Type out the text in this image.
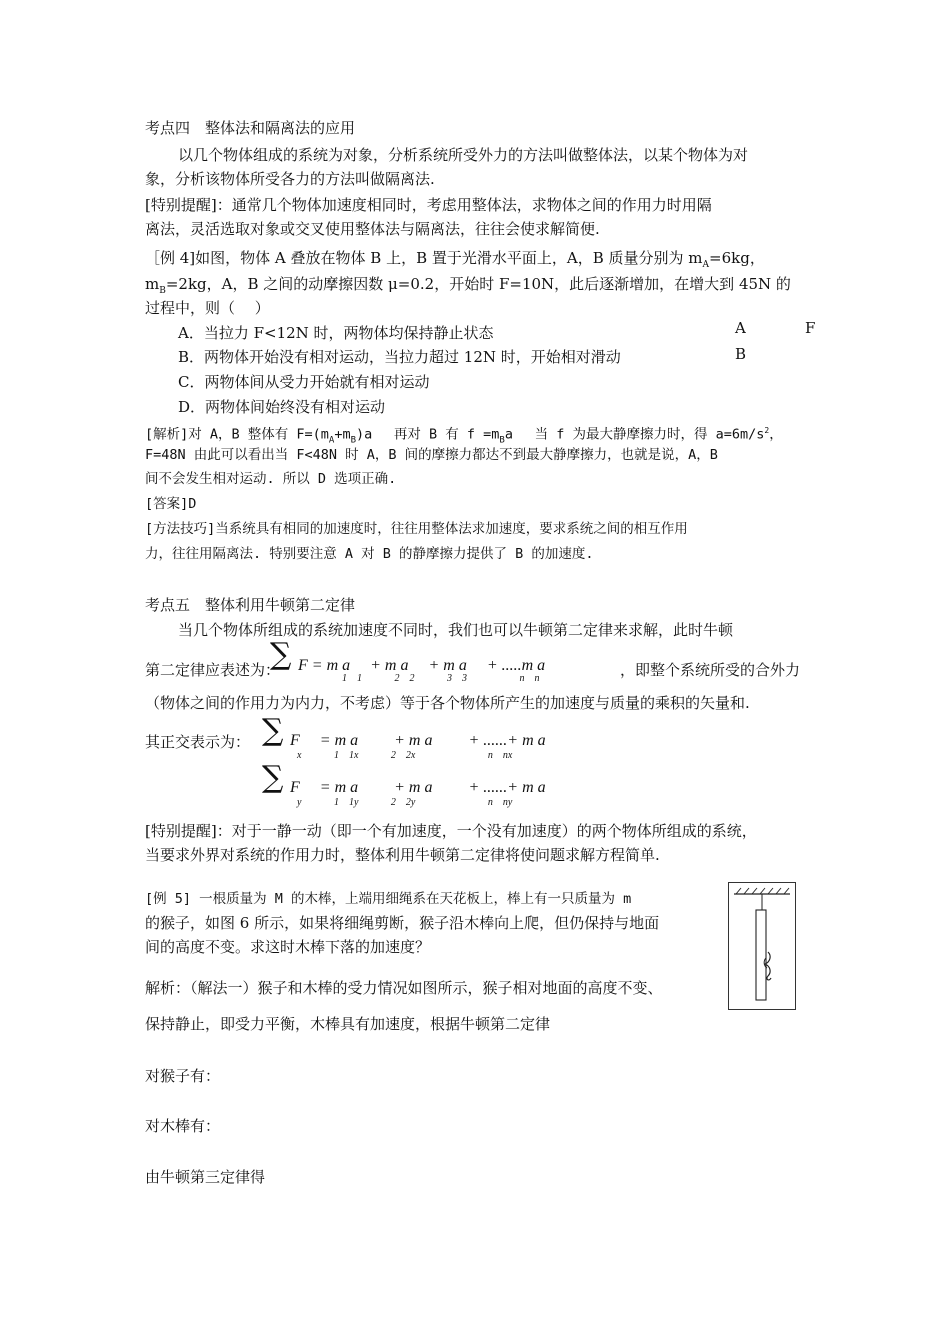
考点四　整体法和隔离法的应用
以几个物体组成的系统为对象，分析系统所受外力的方法叫做整体法，以某个物体为对
象，分析该物体所受各力的方法叫做隔离法.
[特别提醒]：通常几个物体加速度相同时，考虑用整体法，求物体之间的作用力时用隔
离法，灵活选取对象或交叉使用整体法与隔离法，往往会使求解简便.
［例 4]如图，物体 A 叠放在物体 B 上，B 置于光滑水平面上，A，B 质量分别为 $m_A=6kg$，
$m_B=2kg$，A，B 之间的动摩擦因数 μ=0.2，开始时 F=10N，此后逐渐增加，在增大到 45N 的
过程中，则（　 ）
A．当拉力 F<12N 时，两物体均保持静止状态
B．两物体开始没有相对运动，当拉力超过 12N 时，开始相对滑动
C．两物体间从受力开始就有相对运动
D．两物体间始终没有相对运动
A	F
B
[解析]对 A，B 整体有 $F=(m_A+m_B)a$　 再对 B 有 $f =m_Ba$　 当 f 为最大静摩擦力时，得 $a=6m/s^2$，
F=48N 由此可以看出当 F<48N 时 A，B 间的摩擦力都达不到最大静摩擦力，也就是说，A，B
间不会发生相对运动. 所以 D 选项正确.
[答案]D
[方法技巧]当系统具有相同的加速度时，往往用整体法求加速度，要求系统之间的相互作用
力，往往用隔离法. 特别要注意 A 对 B 的静摩擦力提供了 B 的加速度.
考点五　整体利用牛顿第二定律
当几个物体所组成的系统加速度不同时，我们也可以牛顿第二定律来求解，此时牛顿
第二定律应表述为：
∑ F = m a　 + m a　 + m a　 + .....m a
1　1　　　 2　2　　　 3　3　　　　　 n　n	，即整个系统所受的合外力
（物体之间的作用力为内力，不考虑）等于各个物体所产生的加速度与质量的乘积的矢量和.
其正交表示为： ∑ F　 = m a　　 + m a　　 + ......+ m a
x　　　 1　1x　　　 2　2x　　　　　　　 n　nx
∑ F　 = m a　　 + m a　　 + ......+ m a
y　　　 1　1y　　　 2　2y　　　　　　　 n　ny
[特别提醒]：对于一静一动（即一个有加速度，一个没有加速度）的两个物体所组成的系统，
当要求外界对系统的作用力时，整体利用牛顿第二定律将使问题求解方程简单.
[例 5] 一根质量为 M 的木棒，上端用细绳系在天花板上，棒上有一只质量为 m
的猴子，如图 6 所示，如果将细绳剪断，猴子沿木棒向上爬，但仍保持与地面
间的高度不变。求这时木棒下落的加速度？
解析：（解法一）猴子和木棒的受力情况如图所示，猴子相对地面的高度不变、
保持静止，即受力平衡，木棒具有加速度，根据牛顿第二定律
对猴子有：
对木棒有：
由牛顿第三定律得
